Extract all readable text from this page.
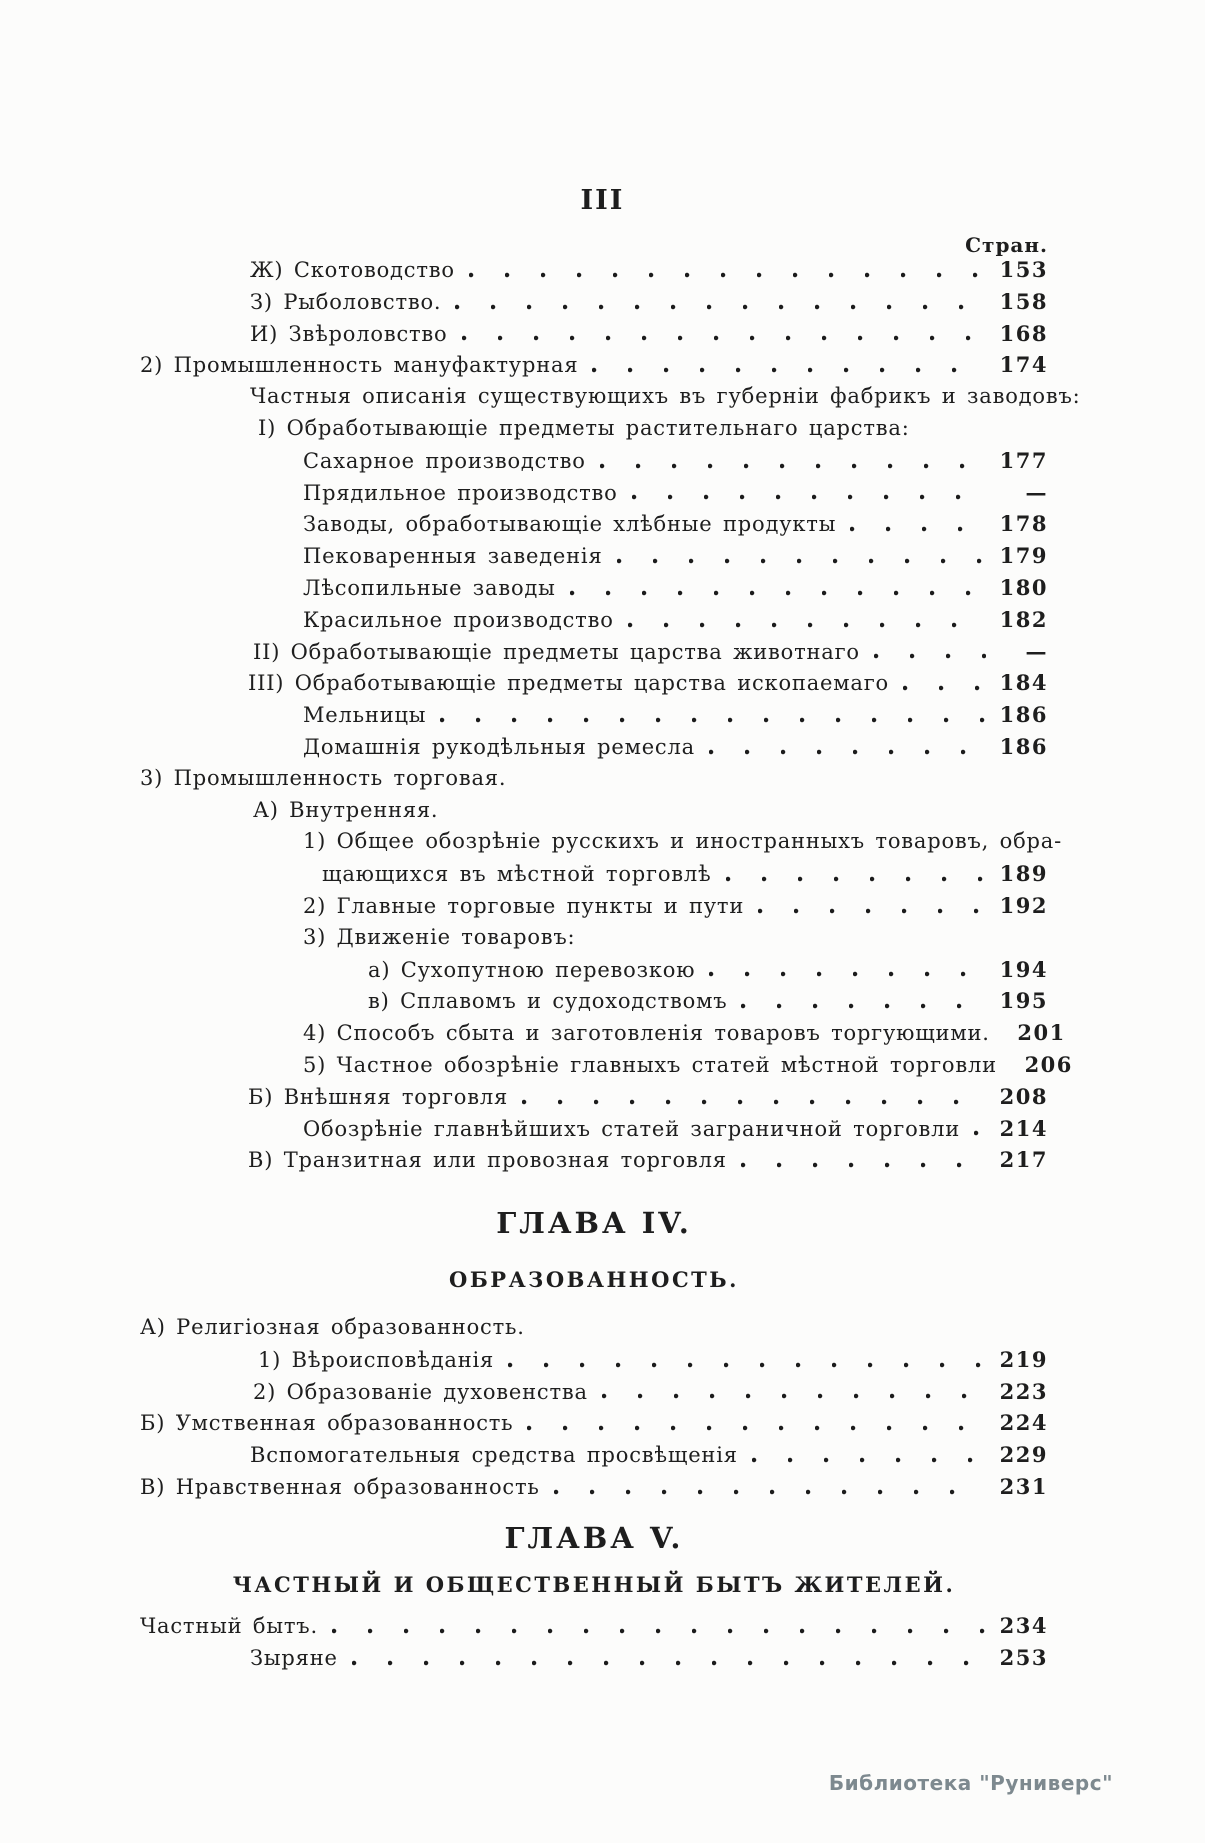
III
Стран.
Ж) Скотоводство	153
З) Рыболовство.	158
И) Звѣроловство	168
2) Промышленность мануфактурная	174
Частныя описанія существующихъ въ губерніи фабрикъ и заводовъ:
I) Обработывающіе предметы растительнаго царства:
Сахарное производство	177
Прядильное производство	—
Заводы, обработывающіе хлѣбные продукты	178
Пековаренныя заведенія	179
Лѣсопильные заводы	180
Красильное производство	182
II) Обработывающіе предметы царства животнаго	—
III) Обработывающіе предметы царства ископаемаго	184
Мельницы	186
Домашнія рукодѣльныя ремесла	186
3) Промышленность торговая.
А) Внутренняя.
1) Общее обозрѣніе русскихъ и иностранныхъ товаровъ, обра-
щающихся въ мѣстной торговлѣ	189
2) Главные торговые пункты и пути	192
3) Движеніе товаровъ:
а) Сухопутною перевозкою	194
в) Сплавомъ и судоходствомъ	195
4) Способъ сбыта и заготовленія товаровъ торгующими. 201
5) Частное обозрѣніе главныхъ статей мѣстной торговли 206
Б) Внѣшняя торговля	208
Обозрѣніе главнѣйшихъ статей заграничной торговли 214
В) Транзитная или провозная торговля	217
ГЛАВА IV.
ОБРАЗОВАННОСТЬ.
А) Религіозная образованность.
1) Вѣроисповѣданія	219
2) Образованіе духовенства	223
Б) Умственная образованность	224
Вспомогательныя средства просвѣщенія	229
В) Нравственная образованность	231
ГЛАВА V.
ЧАСТНЫЙ И ОБЩЕСТВЕННЫЙ БЫТЪ ЖИТЕЛЕЙ.
Частный бытъ.	234
Зыряне	253
Библиотека "Руниверс"
